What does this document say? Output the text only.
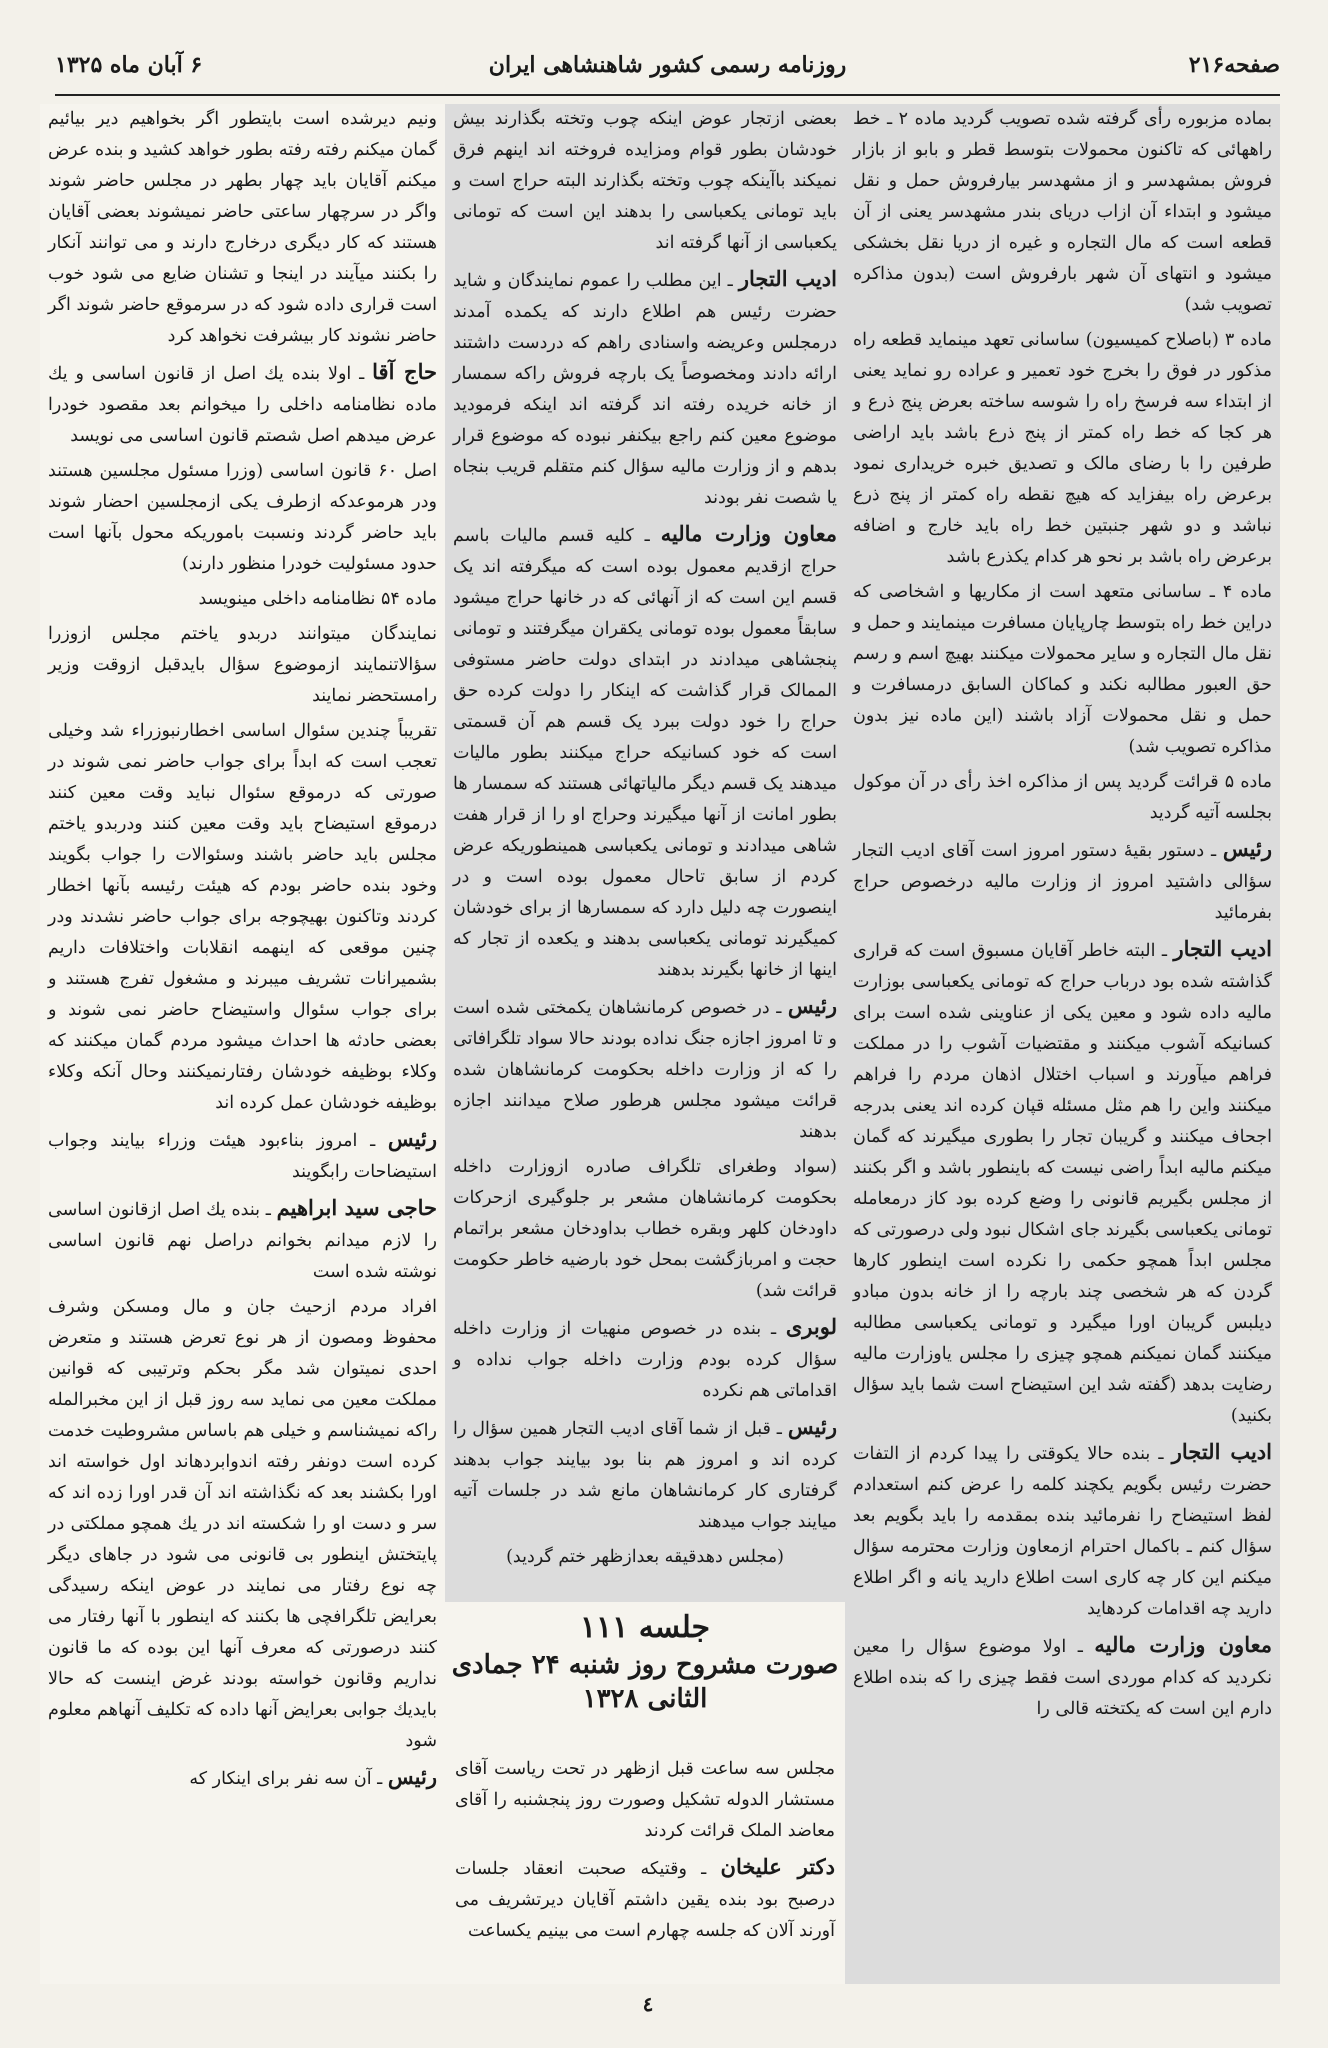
صفحه۲۱۶
روزنامه رسمی کشور شاهنشاهی ایران
۶ آبان ماه ۱۳۲۵

بماده مزبوره رأی گرفته شده تصویب گردید ماده ۲ ـ خط راههائی که تاکنون محمولات بتوسط قطر و بابو از بازار فروش بمشهدسر و از مشهدسر بیارفروش حمل و نقل میشود و ابتداء آن ازاب دریای بندر مشهدسر یعنی از آن قطعه است که مال التجاره و غیره از دریا نقل بخشکی میشود و انتهای آن شهر بارفروش است (بدون مذاکره تصویب شد)

ماده ۳ (باصلاح کمیسیون) ساسانی تعهد مینماید قطعه راه مذکور در فوق را بخرج خود تعمیر و عراده رو نماید یعنی از ابتداء سه فرسخ راه را شوسه ساخته بعرض پنج ذرع و هر کجا که خط راه کمتر از پنج ذرع باشد باید اراضی طرفین را با رضای مالک و تصدیق خبره خریداری نمود برعرض راه بیفزاید که هیچ نقطه راه کمتر از پنج ذرع نباشد و دو شهر جنبتین خط راه باید خارج و اضافه برعرض راه باشد بر نحو هر کدام یکذرع باشد

ماده ۴ ـ ساسانی متعهد است از مکاریها و اشخاصی که دراین خط راه بتوسط چارپایان مسافرت مینمایند و حمل و نقل مال التجاره و سایر محمولات میکنند بهیچ اسم و رسم حق العبور مطالبه نکند و کماکان السابق درمسافرت و حمل و نقل محمولات آزاد باشند (این ماده نیز بدون مذاکره تصویب شد)

ماده ۵ قرائت گردید پس از مذاکره اخذ رأی در آن موکول بجلسه آتیه گردید

رئیس ـ دستور بقیهٔ دستور امروز است آقای ادیب التجار سؤالی داشتید امروز از وزارت مالیه درخصوص حراج بفرمائید

ادیب التجار ـ البته خاطر آقایان مسبوق است که قراری گذاشته شده بود درباب حراج که تومانی یکعباسی بوزارت مالیه داده شود و معین یکی از عناوینی شده است برای کسانیکه آشوب میکنند و مقتضیات آشوب را در مملکت فراهم میآورند و اسباب اختلال اذهان مردم را فراهم میکنند واین را هم مثل مسئله قپان کرده اند یعنی بدرجه اجحاف میکنند و گریبان تجار را بطوری میگیرند که گمان میکنم مالیه ابداً راضی نیست که باینطور باشد و اگر بکنند از مجلس بگیریم قانونی را وضع کرده بود کاز درمعامله تومانی یکعباسی بگیرند جای اشکال نبود ولی درصورتی که مجلس ابداً همچو حکمی را نکرده است اینطور کارها گردن که هر شخصی چند بارچه را از خانه بدون مبادو دیلبس گریبان اورا میگیرد و تومانی یکعباسی مطالبه میکنند گمان نمیکنم همچو چیزی را مجلس یاوزارت مالیه رضایت بدهد (گفته شد این استیضاح است شما باید سؤال بکنید)

ادیب التجار ـ بنده حالا یکوقتی را پیدا کردم از التفات حضرت رئیس بگویم یکچند کلمه را عرض کنم استعدادم لفظ استیضاح را نفرمائید بنده بمقدمه را باید بگویم بعد سؤال کنم ـ باکمال احترام ازمعاون وزارت محترمه سؤال میکنم این کار چه کاری است اطلاع دارید یانه و اگر اطلاع دارید چه اقدامات کردهاید

معاون وزارت مالیه ـ اولا موضوع سؤال را معین نکردید که کدام موردی است فقط چیزی را که بنده اطلاع دارم این است که یکتخته قالی را

بعضی ازتجار عوض اینکه چوب وتخته بگذارند بیش خودشان بطور قوام ومزایده فروخته اند اینهم فرق نمیکند باآینکه چوب وتخته بگذارند البته حراج است و باید تومانی یکعباسی را بدهند این است که تومانی یکعباسی از آنها گرفته اند

ادیب التجار ـ این مطلب را عموم نمایندگان و شاید حضرت رئیس هم اطلاع دارند که یکمده آمدند درمجلس وعریضه واسنادی راهم که دردست داشتند ارائه دادند ومخصوصاً یک بارچه فروش راکه سمسار از خانه خریده رفته اند گرفته اند اینکه فرمودید موضوع معین کنم راجع بیکنفر نبوده که موضوع قرار بدهم و از وزارت مالیه سؤال کنم متقلم قریب بنجاه یا شصت نفر بودند

معاون وزارت مالیه ـ کلیه قسم مالیات باسم حراج ازقدیم معمول بوده است که میگرفته اند یک قسم این است که از آنهائی که در خانها حراج میشود سابقاً معمول بوده تومانی یکقران میگرفتند و تومانی پنجشاهی میدادند در ابتدای دولت حاضر مستوفی الممالک قرار گذاشت که اینکار را دولت کرده حق حراج را خود دولت ببرد یک قسم هم آن قسمتی است که خود کسانیکه حراج میکنند بطور مالیات میدهند یک قسم دیگر مالیاتهائی هستند که سمسار ها بطور امانت از آنها میگیرند وحراج او را از قرار هفت شاهی میدادند و تومانی یکعباسی همینطوریکه عرض کردم از سابق تاحال معمول بوده است و در اینصورت چه دلیل دارد که سمسارها از برای خودشان کمیگیرند تومانی یکعباسی بدهند و یکعده از تجار که اینها از خانها بگیرند بدهند

رئیس ـ در خصوص کرمانشاهان یکمختی شده است و تا امروز اجازه جنگ نداده بودند حالا سواد تلگرافاتی را که از وزارت داخله بحکومت کرمانشاهان شده قرائت میشود مجلس هرطور صلاح میدانند اجازه بدهند

(سواد وطغرای تلگراف صادره ازوزارت داخله بحکومت کرمانشاهان مشعر بر جلوگیری ازحرکات داودخان کلهر وبقره خطاب بداودخان مشعر براتمام حجت و امربازگشت بمحل خود بارضیه خاطر حکومت قرائت شد)

لوبری ـ بنده در خصوص منهیات از وزارت داخله سؤال کرده بودم وزارت داخله جواب نداده و اقداماتی هم نکرده

رئیس ـ قبل از شما آقای ادیب التجار همین سؤال را کرده اند و امروز هم بنا بود بیایند جواب بدهند گرفتاری کار کرمانشاهان مانع شد در جلسات آتیه میایند جواب میدهند

(مجلس دهدقیقه بعدازظهر ختم گردید)

جلسه ۱۱۱
صورت مشروح روز شنبه ۲۴ جمادی
الثانی ۱۳۲۸

مجلس سه ساعت قبل ازظهر در تحت ریاست آقای مستشار الدوله تشکیل وصورت روز پنجشنبه را آقای معاضد الملک قرائت کردند

دکتر علیخان ـ وقتیکه صحبت انعقاد جلسات درصبح بود بنده یقین داشتم آقایان دیرتشریف می آورند آلان که جلسه چهارم است می بینیم یکساعت

ونیم دیرشده است بایتطور اگر بخواهیم دیر بیائیم گمان میکنم رفته رفته بطور خواهد کشید و بنده عرض میکنم آقایان باید چهار بطهر در مجلس حاضر شوند واگر در سرچهار ساعتی حاضر نمیشوند بعضی آقایان هستند که کار دیگری درخارج دارند و می توانند آنکار را بکنند میآیند در اینجا و تشنان ضایع می شود خوب است قراری داده شود که در سرموقع حاضر شوند اگر حاضر نشوند کار بیشرفت نخواهد کرد

حاج آقا ـ اولا بنده یك اصل از قانون اساسی و یك ماده نظامنامه داخلی را میخوانم بعد مقصود خودرا عرض میدهم اصل شصتم قانون اساسی می نویسد

اصل ۶۰ قانون اساسی (وزرا مسئول مجلسین هستند ودر هرموعدکه ازطرف یکی ازمجلسین احضار شوند باید حاضر گردند ونسبت باموریکه محول بآنها است حدود مسئولیت خودرا منظور دارند)

ماده ۵۴ نظامنامه داخلی مینویسد

نمایندگان میتوانند دربدو یاختم مجلس ازوزرا سؤالاتنمایند ازموضوع سؤال بایدقبل ازوقت وزیر رامستحضر نمایند

تقریباً چندین سئوال اساسی اخطارنبوزراء شد وخیلی تعجب است که ابداً برای جواب حاضر نمی شوند در صورتی که درموقع سئوال نباید وقت معین کنند درموقع استیضاح باید وقت معین کنند ودربدو یاختم مجلس باید حاضر باشند وسئوالات را جواب بگویند وخود بنده حاضر بودم که هیئت رئیسه بآنها اخطار کردند وتاکنون بهیچوجه برای جواب حاضر نشدند ودر چنین موقعی که اینهمه انقلابات واختلافات داریم بشمیرانات تشریف میبرند و مشغول تفرج هستند و برای جواب سئوال واستیضاح حاضر نمی شوند و بعضی حادثه ها احداث میشود مردم گمان میکنند که وکلاء بوظیفه خودشان رفتارنمیکنند وحال آنکه وکلاء بوظیفه خودشان عمل کرده اند

رئیس ـ امروز بناءبود هیئت وزراء بیایند وجواب استیضاحات رابگویند

حاجی سید ابراهیم ـ بنده یك اصل ازقانون اساسی را لازم میدانم بخوانم دراصل نهم قانون اساسی نوشته شده است

افراد مردم ازحیث جان و مال ومسکن وشرف محفوظ ومصون از هر نوع تعرض هستند و متعرض احدی نمیتوان شد مگر بحکم وترتیبی که قوانین مملکت معین می نماید سه روز قبل از این مخبرالمله راکه نمیشناسم و خیلی هم باساس مشروطیت خدمت کرده است دونفر رفته اندوابردهاند اول خواسته اند اورا بکشند بعد که نگذاشته اند آن قدر اورا زده اند که سر و دست او را شکسته اند در یك همچو مملکتی در پایتختش اینطور بی قانونی می شود در جاهای دیگر چه نوع رفتار می نمایند در عوض اینکه رسیدگی بعرایض تلگرافچی ها بکنند که اینطور با آنها رفتار می کنند درصورتی که معرف آنها این بوده که ما قانون نداریم وقانون خواسته بودند غرض اینست که حالا بایدیك جوابی بعرایض آنها داده که تکلیف آنهاهم معلوم شود

رئیس ـ آن سه نفر برای اینکار که

٤
